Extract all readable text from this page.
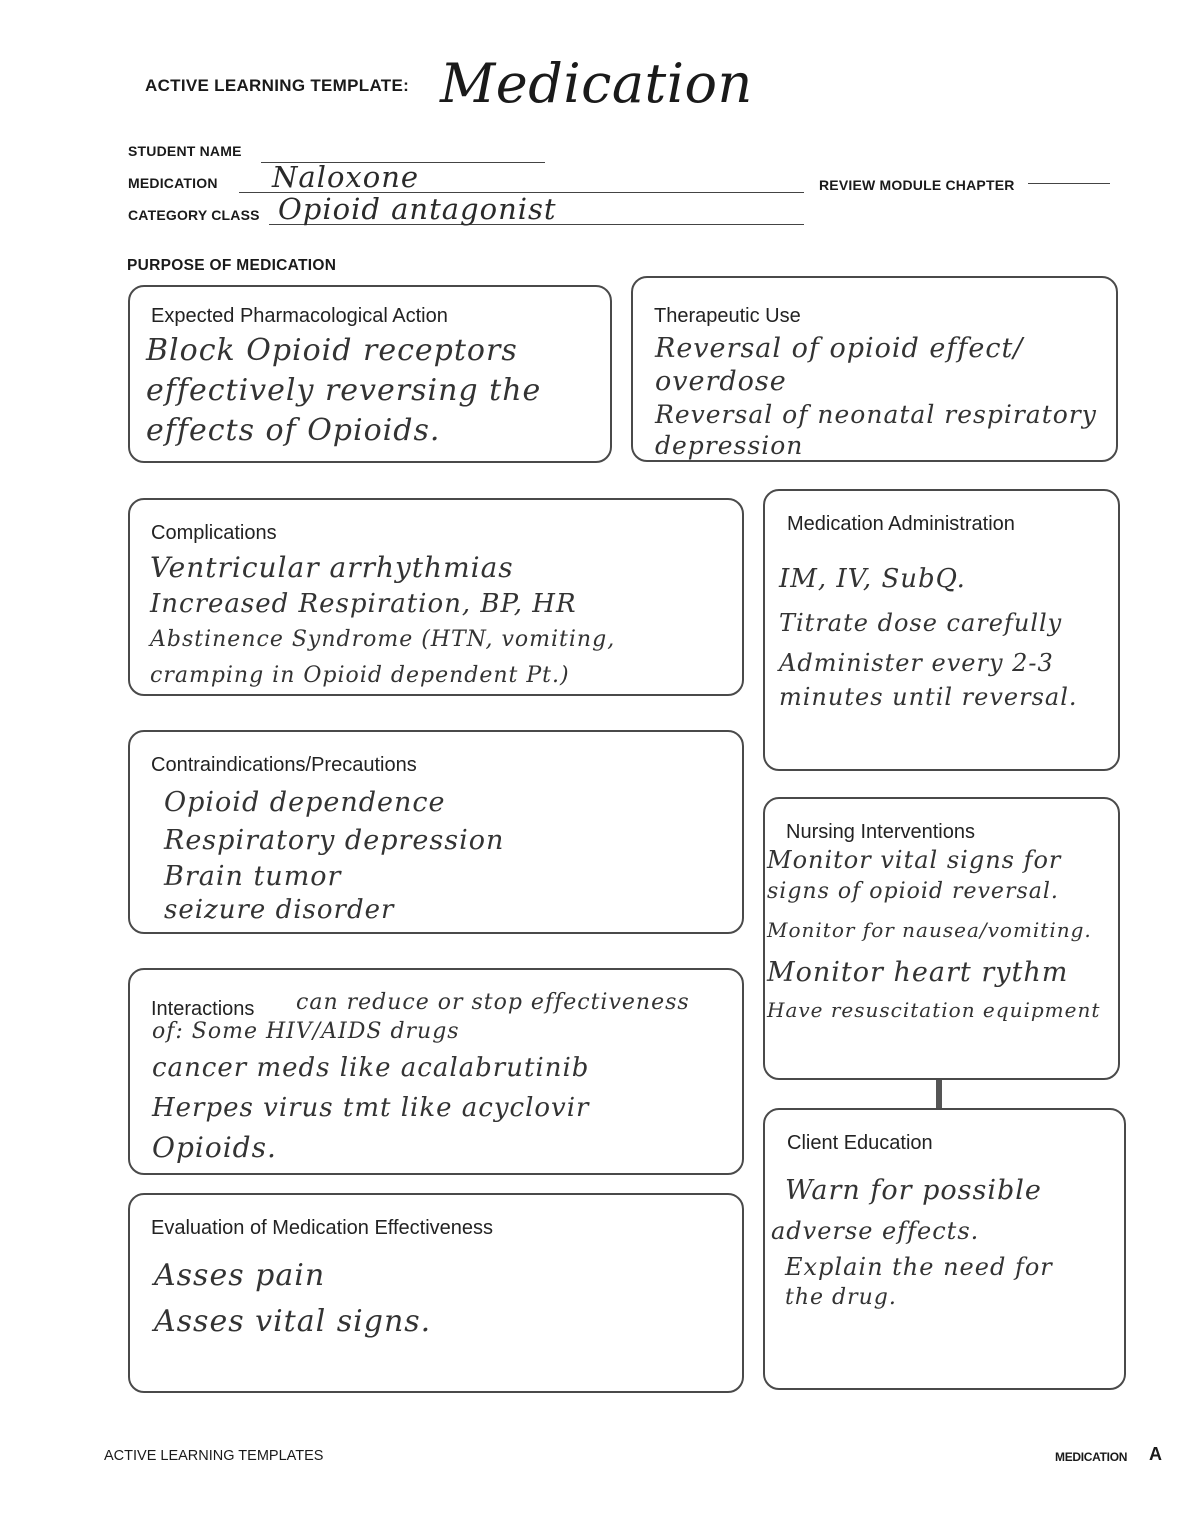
ACTIVE LEARNING TEMPLATE: Medication
STUDENT NAME
MEDICATION Naloxone	REVIEW MODULE CHAPTER
CATEGORY CLASS Opioid antagonist
PURPOSE OF MEDICATION
Expected Pharmacological Action
Block Opioid receptors
effectively reversing the
effects of Opioids.
Therapeutic Use
Reversal of opioid effect/
overdose
Reversal of neonatal respiratory
depression
Complications
Ventricular arrhythmias
Increased Respiration, BP, HR
Abstinence Syndrome (HTN, vomiting,
cramping in Opioid dependent Pt.)
Medication Administration
IM, IV, SubQ.
Titrate dose carefully
Administer every 2-3
minutes until reversal.
Contraindications/Precautions
Opioid dependence
Respiratory depression
Brain tumor
seizure disorder
Nursing Interventions
Monitor vital signs for
signs of opioid reversal.
Monitor for nausea/vomiting.
Monitor heart rythm
Have resuscitation equipment
Interactions can reduce or stop effectiveness
of: Some HIV/AIDS drugs
cancer meds like acalabrutinib
Herpes virus tmt like acyclovir
Opioids.	Client Education
Warn for possible
adverse effects.
Explain the need for
the drug.
Evaluation of Medication Effectiveness
Asses pain
Asses vital signs.
ACTIVE LEARNING TEMPLATES	MEDICATION A
